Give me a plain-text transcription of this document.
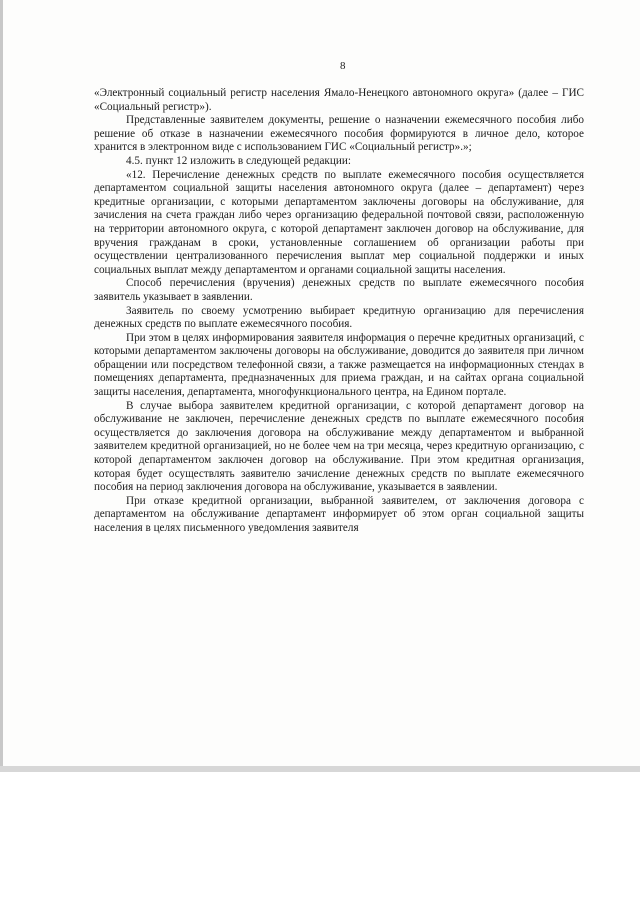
8

«Электронный социальный регистр населения Ямало-Ненецкого автономного округа» (далее – ГИС «Социальный регистр»).

Представленные заявителем документы, решение о назначении ежемесячного пособия либо решение об отказе в назначении ежемесячного пособия формируются в личное дело, которое хранится в электронном виде с использованием ГИС «Социальный регистр».»;

4.5. пункт 12 изложить в следующей редакции:

«12. Перечисление денежных средств по выплате ежемесячного пособия осуществляется департаментом социальной защиты населения автономного округа (далее – департамент) через кредитные организации, с которыми департаментом заключены договоры на обслуживание, для зачисления на счета граждан либо через организацию федеральной почтовой связи, расположенную на территории автономного округа, с которой департамент заключен договор на обслуживание, для вручения гражданам в сроки, установленные соглашением об организации работы при осуществлении централизованного перечисления выплат мер социальной поддержки и иных социальных выплат между департаментом и органами социальной защиты населения.

Способ перечисления (вручения) денежных средств по выплате ежемесячного пособия заявитель указывает в заявлении.

Заявитель по своему усмотрению выбирает кредитную организацию для перечисления денежных средств по выплате ежемесячного пособия.

При этом в целях информирования заявителя информация о перечне кредитных организаций, с которыми департаментом заключены договоры на обслуживание, доводится до заявителя при личном обращении или посредством телефонной связи, а также размещается на информационных стендах в помещениях департамента, предназначенных для приема граждан, и на сайтах органа социальной защиты населения, департамента, многофункционального центра, на Едином портале.

В случае выбора заявителем кредитной организации, с которой департамент договор на обслуживание не заключен, перечисление денежных средств по выплате ежемесячного пособия осуществляется до заключения договора на обслуживание между департаментом и выбранной заявителем кредитной организацией, но не более чем на три месяца, через кредитную организацию, с которой департаментом заключен договор на обслуживание. При этом кредитная организация, которая будет осуществлять заявителю зачисление денежных средств по выплате ежемесячного пособия на период заключения договора на обслуживание, указывается в заявлении.

При отказе кредитной организации, выбранной заявителем, от заключения договора с департаментом на обслуживание департамент информирует об этом орган социальной защиты населения в целях письменного уведомления заявителя
